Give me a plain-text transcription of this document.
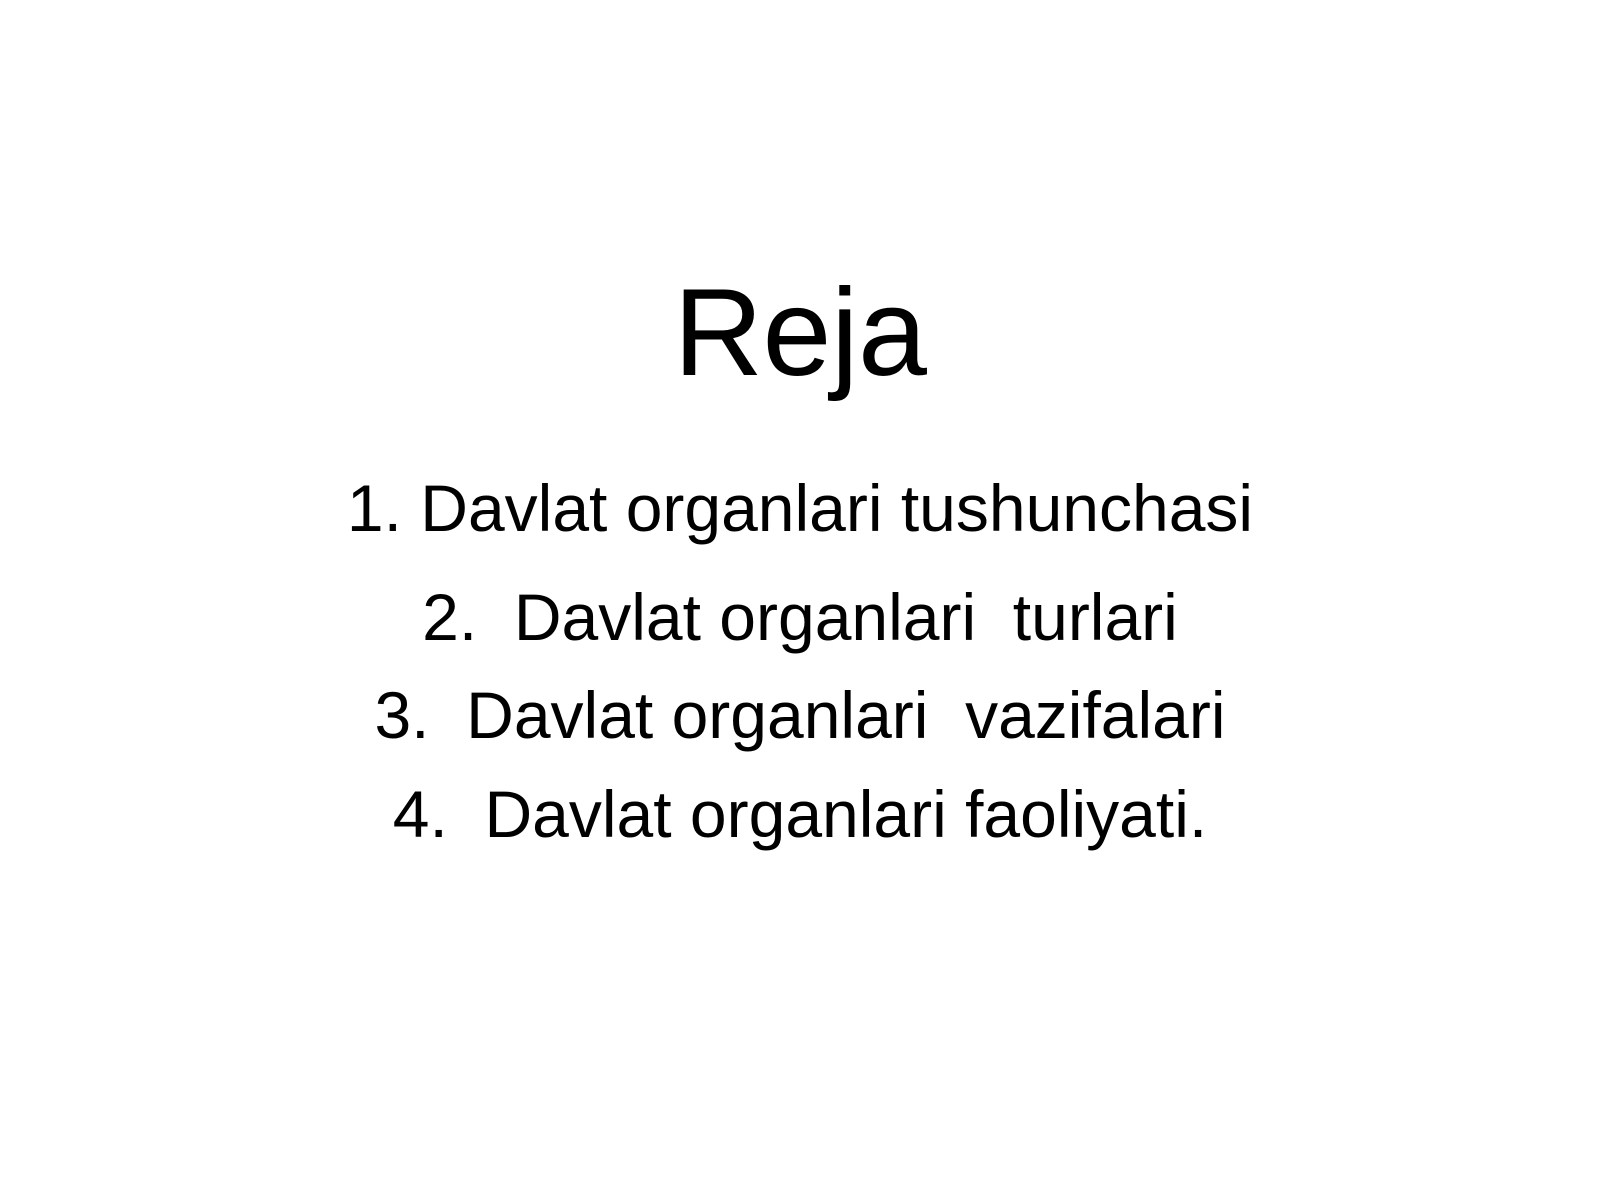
Reja
1. Davlat organlari tushunchasi
2.  Davlat organlari  turlari
3.  Davlat organlari  vazifalari
4.  Davlat organlari faoliyati.
